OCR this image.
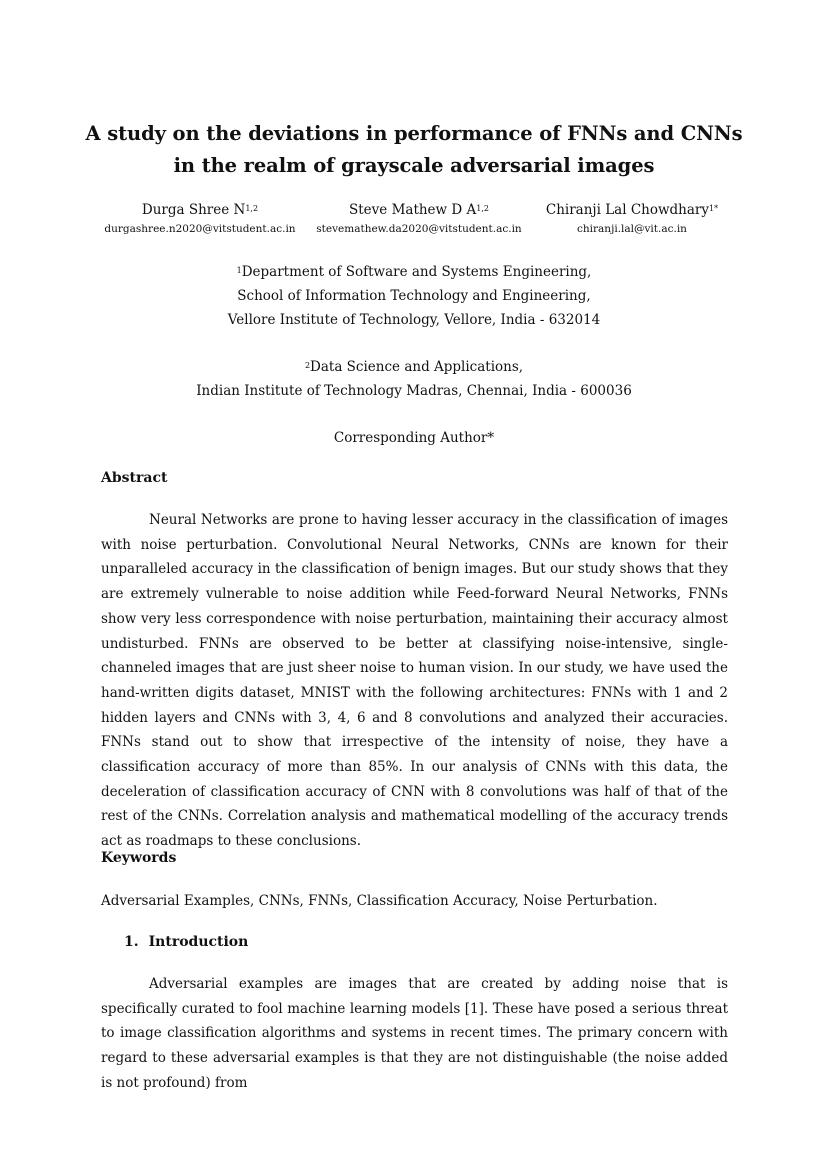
A study on the deviations in performance of FNNs and CNNs in the realm of grayscale adversarial images
Durga Shree N$^{1,2}$
durgashree.n2020@vitstudent.ac.in
Steve Mathew D A$^{1,2}$
stevemathew.da2020@vitstudent.ac.in
Chiranji Lal Chowdhary$^{1*}$
chiranji.lal@vit.ac.in
$^1$Department of Software and Systems Engineering,
School of Information Technology and Engineering,
Vellore Institute of Technology, Vellore, India - 632014
$^2$Data Science and Applications,
Indian Institute of Technology Madras, Chennai, India - 600036
Corresponding Author*
Abstract

Neural Networks are prone to having lesser accuracy in the classification of images with noise perturbation. Convolutional Neural Networks, CNNs are known for their unparalleled accuracy in the classification of benign images. But our study shows that they are extremely vulnerable to noise addition while Feed-forward Neural Networks, FNNs show very less correspondence with noise perturbation, maintaining their accuracy almost undisturbed. FNNs are observed to be better at classifying noise-intensive, single-channeled images that are just sheer noise to human vision. In our study, we have used the hand-written digits dataset, MNIST with the following architectures: FNNs with 1 and 2 hidden layers and CNNs with 3, 4, 6 and 8 convolutions and analyzed their accuracies. FNNs stand out to show that irrespective of the intensity of noise, they have a classification accuracy of more than 85%. In our analysis of CNNs with this data, the deceleration of classification accuracy of CNN with 8 convolutions was half of that of the rest of the CNNs. Correlation analysis and mathematical modelling of the accuracy trends act as roadmaps to these conclusions.

Keywords
Adversarial Examples, CNNs, FNNs, Classification Accuracy, Noise Perturbation.
1. Introduction

Adversarial examples are images that are created by adding noise that is specifically curated to fool machine learning models [1]. These have posed a serious threat to image classification algorithms and systems in recent times. The primary concern with regard to these adversarial examples is that they are not distinguishable (the noise added is not profound) from
